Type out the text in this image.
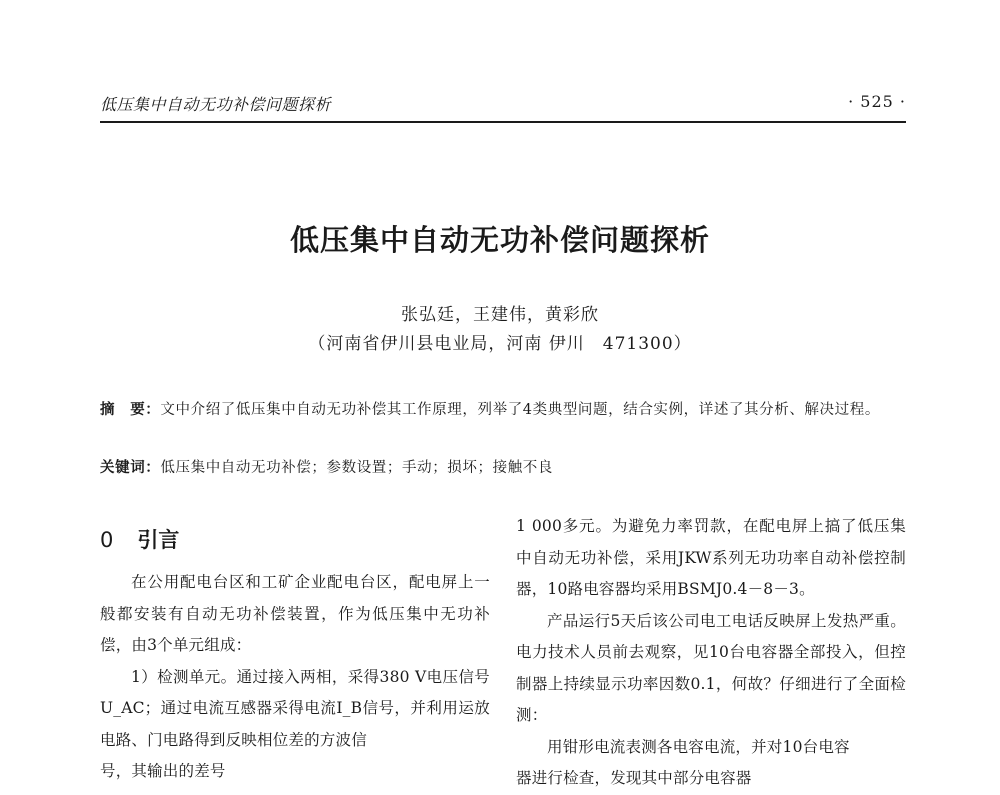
低压集中自动无功补偿问题探析	· 525 ·
低压集中自动无功补偿问题探析
张弘廷，王建伟，黄彩欣
（河南省伊川县电业局，河南 伊川　471300）
摘　要：文中介绍了低压集中自动无功补偿其工作原理，列举了4类典型问题，结合实例，详述了其分析、解决过程。
关键词：低压集中自动无功补偿；参数设置；手动；损坏；接触不良
0 引言

在公用配电台区和工矿企业配电台区，配电屏上一般都安装有自动无功补偿装置，作为低压集中无功补偿，由3个单元组成：

1）检测单元。通过接入两相，采得380 V电压信号U_AC；通过电流互感器采得电流I_B信号，并利用运放电路、门电路得到反映相位差的方波信

号，其输出的差号

1 000多元。为避免力率罚款，在配电屏上搞了低压集中自动无功补偿，采用JKW系列无功功率自动补偿控制器，10路电容器均采用BSMJ0.4－8－3。

产品运行5天后该公司电工电话反映屏上发热严重。电力技术人员前去观察，见10台电容器全部投入，但控制器上持续显示功率因数0.1，何故？仔细进行了全面检测：

用钳形电流表测各电容电流，并对10台电容

器进行检查，发现其中部分电容器
